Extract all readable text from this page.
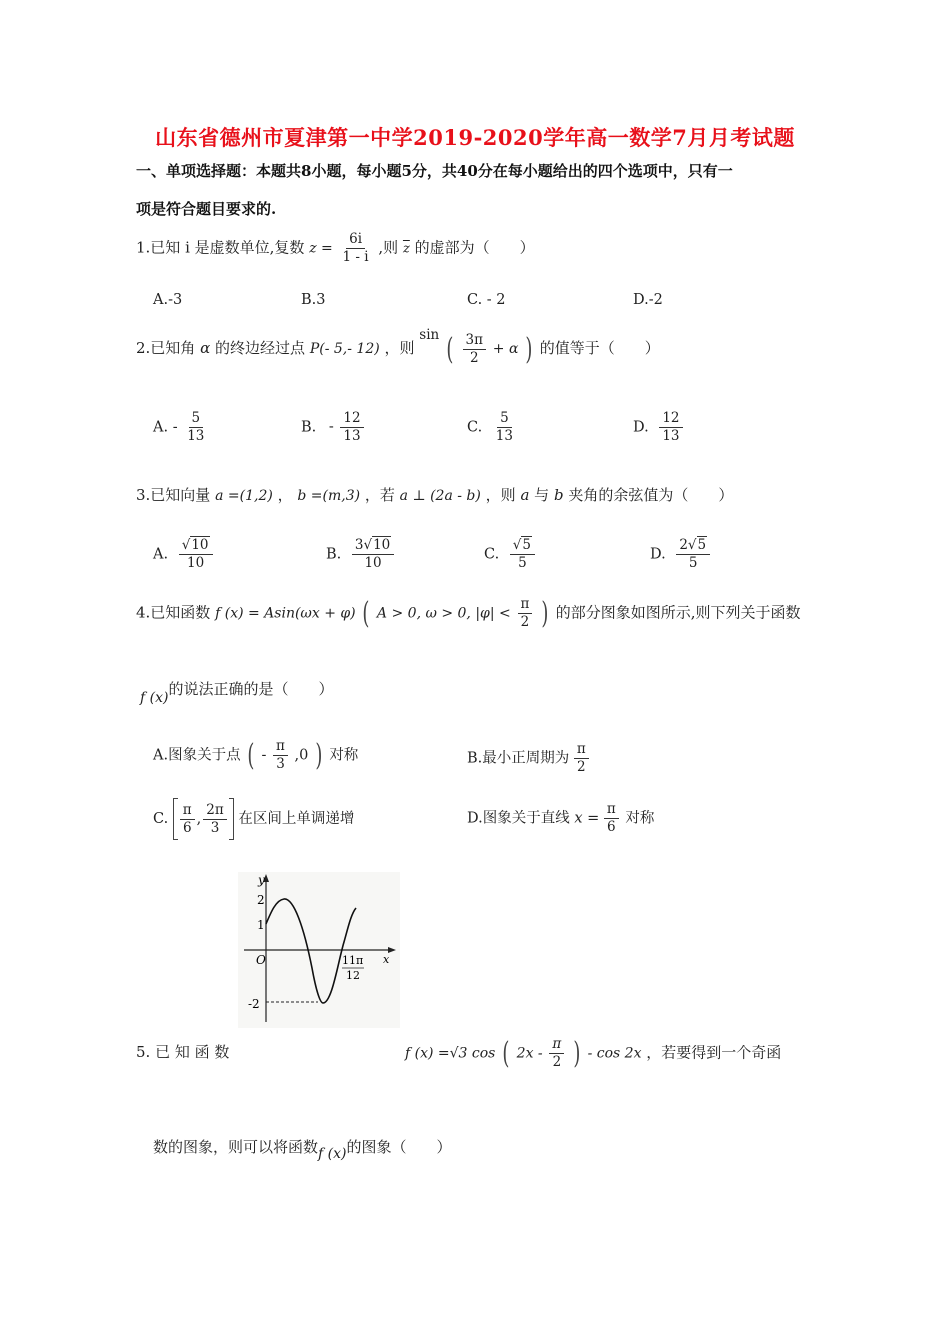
山东省德州市夏津第一中学2019-2020学年高一数学7月月考试题
一、单项选择题：本题共8小题，每小题5分，共40分在每小题给出的四个选项中，只有一
项是符合题目要求的.
1.已知 i 是虚数单位,复数 $z = \frac{6i}{1 - i}$ ,则 $\overline{z}$ 的虚部为（　　）
A.-3	B.3	C. - 2	D.-2
2.已知角 α 的终边经过点 P(- 5,- 12) ，则 sin ( $\frac{3\pi}{2} + \alpha$ ) 的值等于（　　）
A. - $\frac{5}{13}$	B. - $\frac{12}{13}$	C. $\frac{5}{13}$	D. $\frac{12}{13}$
3.已知向量 a =(1,2) ， b =(m,3) ，若 a ⊥ (2a - b) ，则 a 与 b 夹角的余弦值为（　　）
A. $\frac{√10}{10}$	B. $\frac{3√10}{10}$	C. $\frac{√5}{5}$	D. $\frac{2√5}{5}$
4.已知函数 f (x) = Asin(ωx + φ) ( A > 0, ω > 0, $|\varphi| < \frac{\pi}{2}$ ) 的部分图象如图所示,则下列关于函数
f (x)的说法正确的是（　　）
A.图象关于点 ( - $\frac{\pi}{3} ,0$ ) 对称	B.最小正周期为 $\frac{\pi}{2}$
C. $\frac{\pi}{6}$ , $\frac{2\pi}{3}$ 在区间上单调递增	D.图象关于直线 $x = \frac{\pi}{6}$ 对称
y
x
O
2
1
-2
11π
12
5. 已 知 函 数	f (x) =√3 cos ( $2x - \frac{\pi}{2}$ ) - cos 2x ，若要得到一个奇函
数的图象，则可以将函数f (x)的图象（　　）
